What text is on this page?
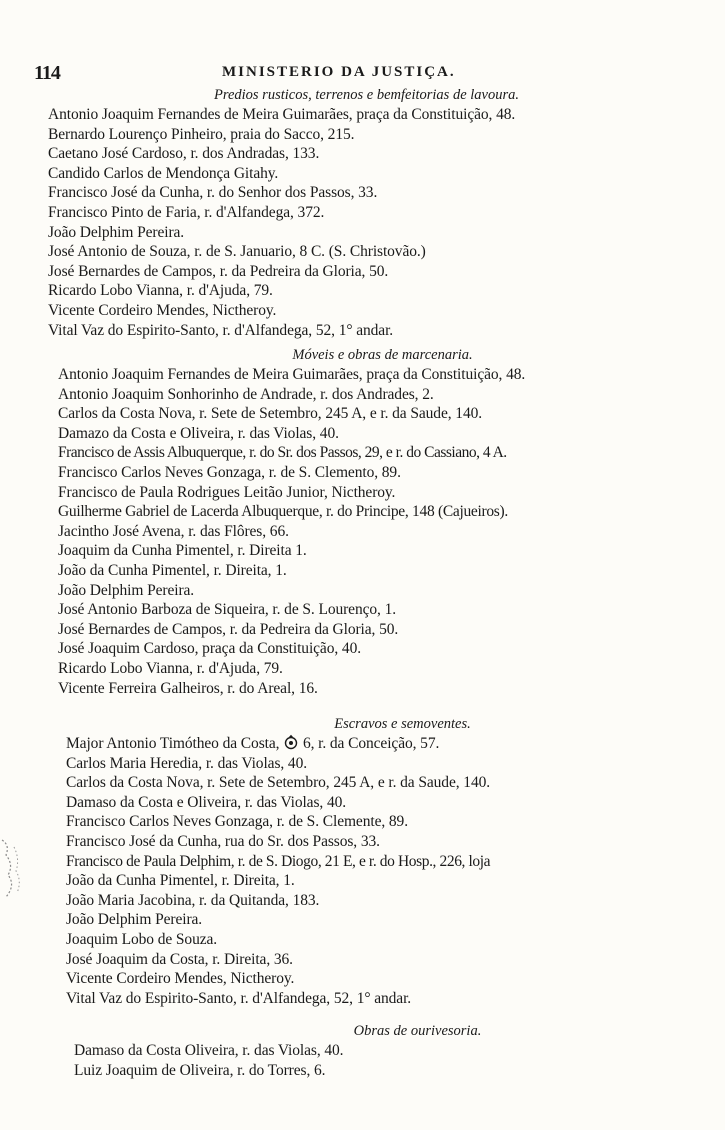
114	MINISTERIO DA JUSTIÇA.
Predios rusticos, terrenos e bemfeitorias de lavoura.
Antonio Joaquim Fernandes de Meira Guimarães, praça da Constituição, 48.
Bernardo Lourenço Pinheiro, praia do Sacco, 215.
Caetano José Cardoso, r. dos Andradas, 133.
Candido Carlos de Mendonça Gitahy.
Francisco José da Cunha, r. do Senhor dos Passos, 33.
Francisco Pinto de Faria, r. d'Alfandega, 372.
João Delphim Pereira.
José Antonio de Souza, r. de S. Januario, 8 C. (S. Christovão.)
José Bernardes de Campos, r. da Pedreira da Gloria, 50.
Ricardo Lobo Vianna, r. d'Ajuda, 79.
Vicente Cordeiro Mendes, Nictheroy.
Vital Vaz do Espirito-Santo, r. d'Alfandega, 52, 1° andar.
Móveis e obras de marcenaria.
Antonio Joaquim Fernandes de Meira Guimarães, praça da Constituição, 48.
Antonio Joaquim Sonhorinho de Andrade, r. dos Andrades, 2.
Carlos da Costa Nova, r. Sete de Setembro, 245 A, e r. da Saude, 140.
Damazo da Costa e Oliveira, r. das Violas, 40.
Francisco de Assis Albuquerque, r. do Sr. dos Passos, 29, e r. do Cassiano, 4 A.
Francisco Carlos Neves Gonzaga, r. de S. Clemento, 89.
Francisco de Paula Rodrigues Leitão Junior, Nictheroy.
Guilherme Gabriel de Lacerda Albuquerque, r. do Principe, 148 (Cajueiros).
Jacintho José Avena, r. das Flôres, 66.
Joaquim da Cunha Pimentel, r. Direita 1.
João da Cunha Pimentel, r. Direita, 1.
João Delphim Pereira.
José Antonio Barboza de Siqueira, r. de S. Lourenço, 1.
José Bernardes de Campos, r. da Pedreira da Gloria, 50.
José Joaquim Cardoso, praça da Constituição, 40.
Ricardo Lobo Vianna, r. d'Ajuda, 79.
Vicente Ferreira Galheiros, r. do Areal, 16.
Escravos e semoventes.
Major Antonio Timótheo da Costa, 6, r. da Conceição, 57.
Carlos Maria Heredia, r. das Violas, 40.
Carlos da Costa Nova, r. Sete de Setembro, 245 A, e r. da Saude, 140.
Damaso da Costa e Oliveira, r. das Violas, 40.
Francisco Carlos Neves Gonzaga, r. de S. Clemente, 89.
Francisco José da Cunha, rua do Sr. dos Passos, 33.
Francisco de Paula Delphim, r. de S. Diogo, 21 E, e r. do Hosp., 226, loja
João da Cunha Pimentel, r. Direita, 1.
João Maria Jacobina, r. da Quitanda, 183.
João Delphim Pereira.
Joaquim Lobo de Souza.
José Joaquim da Costa, r. Direita, 36.
Vicente Cordeiro Mendes, Nictheroy.
Vital Vaz do Espirito-Santo, r. d'Alfandega, 52, 1° andar.
Obras de ourivesoria.
Damaso da Costa Oliveira, r. das Violas, 40.
Luiz Joaquim de Oliveira, r. do Torres, 6.
